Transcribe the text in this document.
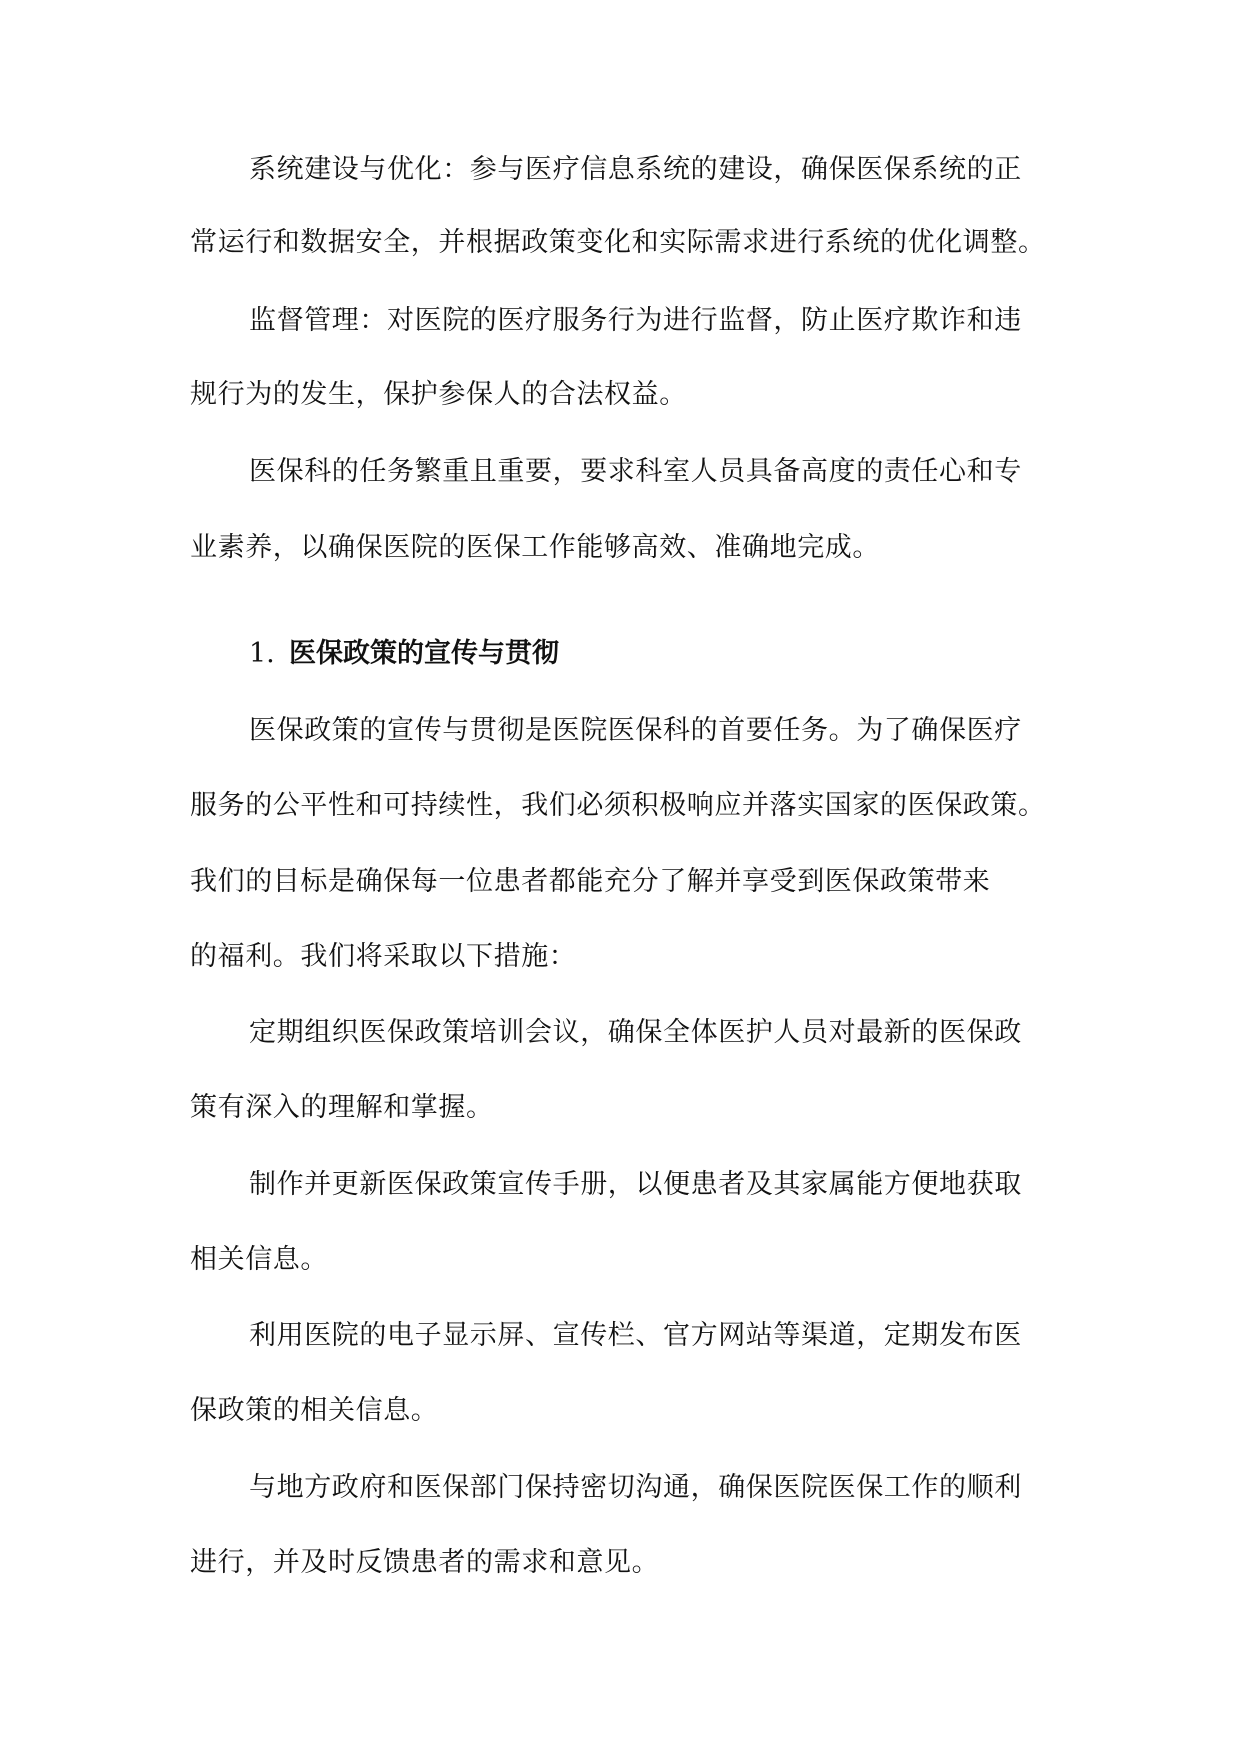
系统建设与优化：参与医疗信息系统的建设，确保医保系统的正

常运行和数据安全，并根据政策变化和实际需求进行系统的优化调整。

监督管理：对医院的医疗服务行为进行监督，防止医疗欺诈和违

规行为的发生，保护参保人的合法权益。

医保科的任务繁重且重要，要求科室人员具备高度的责任心和专

业素养，以确保医院的医保工作能够高效、准确地完成。

1. 医保政策的宣传与贯彻

医保政策的宣传与贯彻是医院医保科的首要任务。为了确保医疗

服务的公平性和可持续性，我们必须积极响应并落实国家的医保政策。

我们的目标是确保每一位患者都能充分了解并享受到医保政策带来

的福利。我们将采取以下措施：

定期组织医保政策培训会议，确保全体医护人员对最新的医保政

策有深入的理解和掌握。

制作并更新医保政策宣传手册，以便患者及其家属能方便地获取

相关信息。

利用医院的电子显示屏、宣传栏、官方网站等渠道，定期发布医

保政策的相关信息。

与地方政府和医保部门保持密切沟通，确保医院医保工作的顺利

进行，并及时反馈患者的需求和意见。
